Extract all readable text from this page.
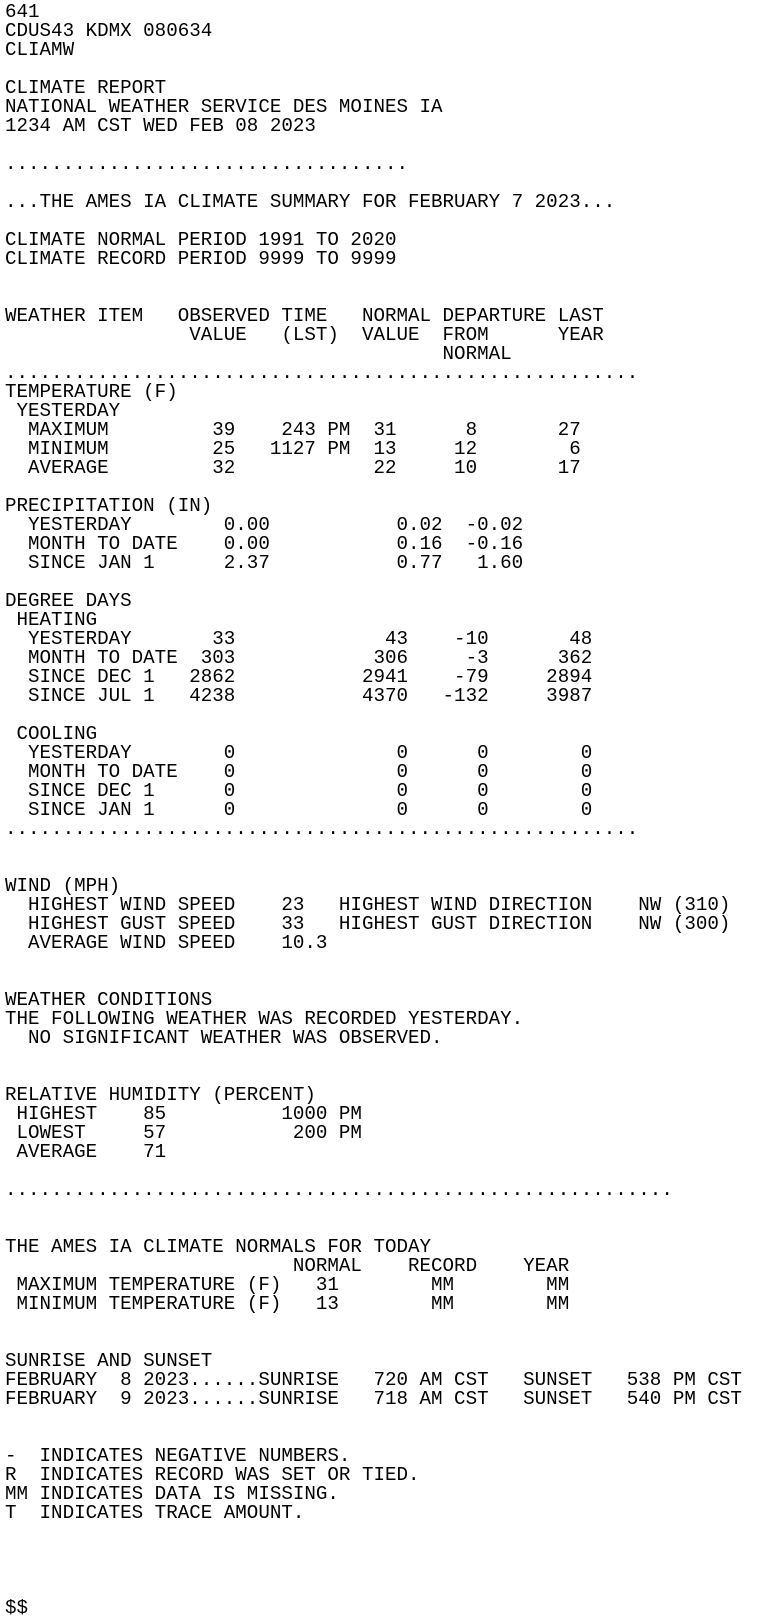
641
CDUS43 KDMX 080634
CLIAMW
CLIMATE REPORT
NATIONAL WEATHER SERVICE DES MOINES IA
1234 AM CST WED FEB 08 2023
...................................
...THE AMES IA CLIMATE SUMMARY FOR FEBRUARY 7 2023...
CLIMATE NORMAL PERIOD 1991 TO 2020
CLIMATE RECORD PERIOD 9999 TO 9999
WEATHER ITEM   OBSERVED TIME   NORMAL DEPARTURE LAST
VALUE   (LST)  VALUE  FROM      YEAR
NORMAL
.......................................................
TEMPERATURE (F)
YESTERDAY
MAXIMUM         39    243 PM  31      8       27
MINIMUM         25   1127 PM  13     12        6
AVERAGE         32            22     10       17
PRECIPITATION (IN)
YESTERDAY        0.00           0.02  -0.02
MONTH TO DATE    0.00           0.16  -0.16
SINCE JAN 1      2.37           0.77   1.60
DEGREE DAYS
HEATING
YESTERDAY       33             43    -10       48
MONTH TO DATE  303            306     -3      362
SINCE DEC 1   2862           2941    -79     2894
SINCE JUL 1   4238           4370   -132     3987
COOLING
YESTERDAY        0              0      0        0
MONTH TO DATE    0              0      0        0
SINCE DEC 1      0              0      0        0
SINCE JAN 1      0              0      0        0
.......................................................
WIND (MPH)
HIGHEST WIND SPEED    23   HIGHEST WIND DIRECTION    NW (310)
HIGHEST GUST SPEED    33   HIGHEST GUST DIRECTION    NW (300)
AVERAGE WIND SPEED    10.3
WEATHER CONDITIONS
THE FOLLOWING WEATHER WAS RECORDED YESTERDAY.
NO SIGNIFICANT WEATHER WAS OBSERVED.
RELATIVE HUMIDITY (PERCENT)
HIGHEST    85          1000 PM
LOWEST     57           200 PM
AVERAGE    71
..........................................................
THE AMES IA CLIMATE NORMALS FOR TODAY
NORMAL    RECORD    YEAR
MAXIMUM TEMPERATURE (F)   31        MM        MM
MINIMUM TEMPERATURE (F)   13        MM        MM
SUNRISE AND SUNSET
FEBRUARY  8 2023......SUNRISE   720 AM CST   SUNSET   538 PM CST
FEBRUARY  9 2023......SUNRISE   718 AM CST   SUNSET   540 PM CST
-  INDICATES NEGATIVE NUMBERS.
R  INDICATES RECORD WAS SET OR TIED.
MM INDICATES DATA IS MISSING.
T  INDICATES TRACE AMOUNT.
$$
